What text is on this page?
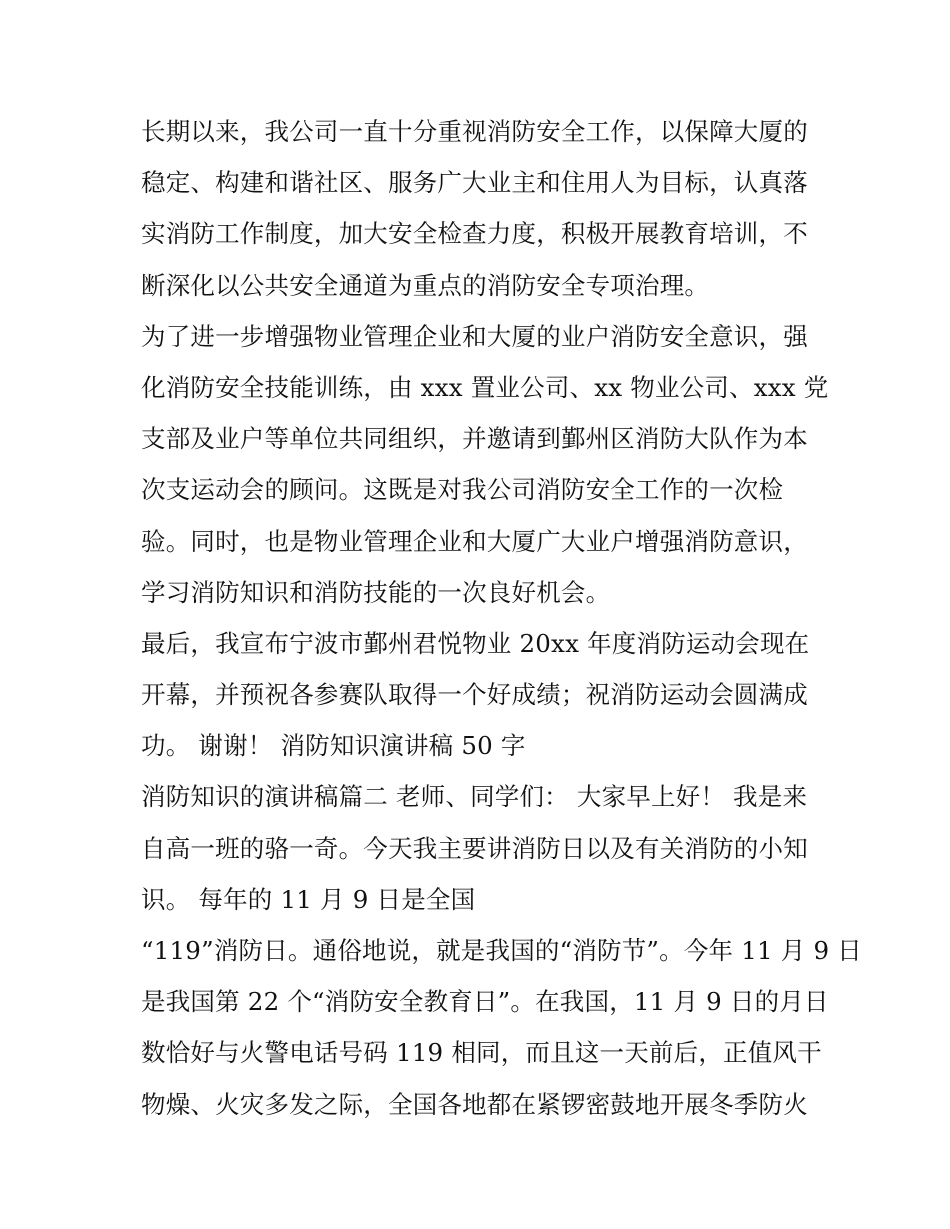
长期以来，我公司一直十分重视消防安全工作，以保障大厦的
稳定、构建和谐社区、服务广大业主和住用人为目标，认真落
实消防工作制度，加大安全检查力度，积极开展教育培训，不
断深化以公共安全通道为重点的消防安全专项治理。
为了进一步增强物业管理企业和大厦的业户消防安全意识，强
化消防安全技能训练，由 xxx 置业公司、xx 物业公司、xxx 党
支部及业户等单位共同组织，并邀请到鄞州区消防大队作为本
次支运动会的顾问。这既是对我公司消防安全工作的一次检
验。同时，也是物业管理企业和大厦广大业户增强消防意识，
学习消防知识和消防技能的一次良好机会。
最后，我宣布宁波市鄞州君悦物业 20xx 年度消防运动会现在
开幕，并预祝各参赛队取得一个好成绩；祝消防运动会圆满成
功。 谢谢！ 消防知识演讲稿 50 字
消防知识的演讲稿篇二 老师、同学们： 大家早上好！ 我是来
自高一班的骆一奇。今天我主要讲消防日以及有关消防的小知
识。 每年的 11 月 9 日是全国
“119”消防日。通俗地说，就是我国的“消防节”。今年 11 月 9 日
是我国第 22 个“消防安全教育日”。在我国，11 月 9 日的月日
数恰好与火警电话号码 119 相同，而且这一天前后，正值风干
物燥、火灾多发之际，全国各地都在紧锣密鼓地开展冬季防火
